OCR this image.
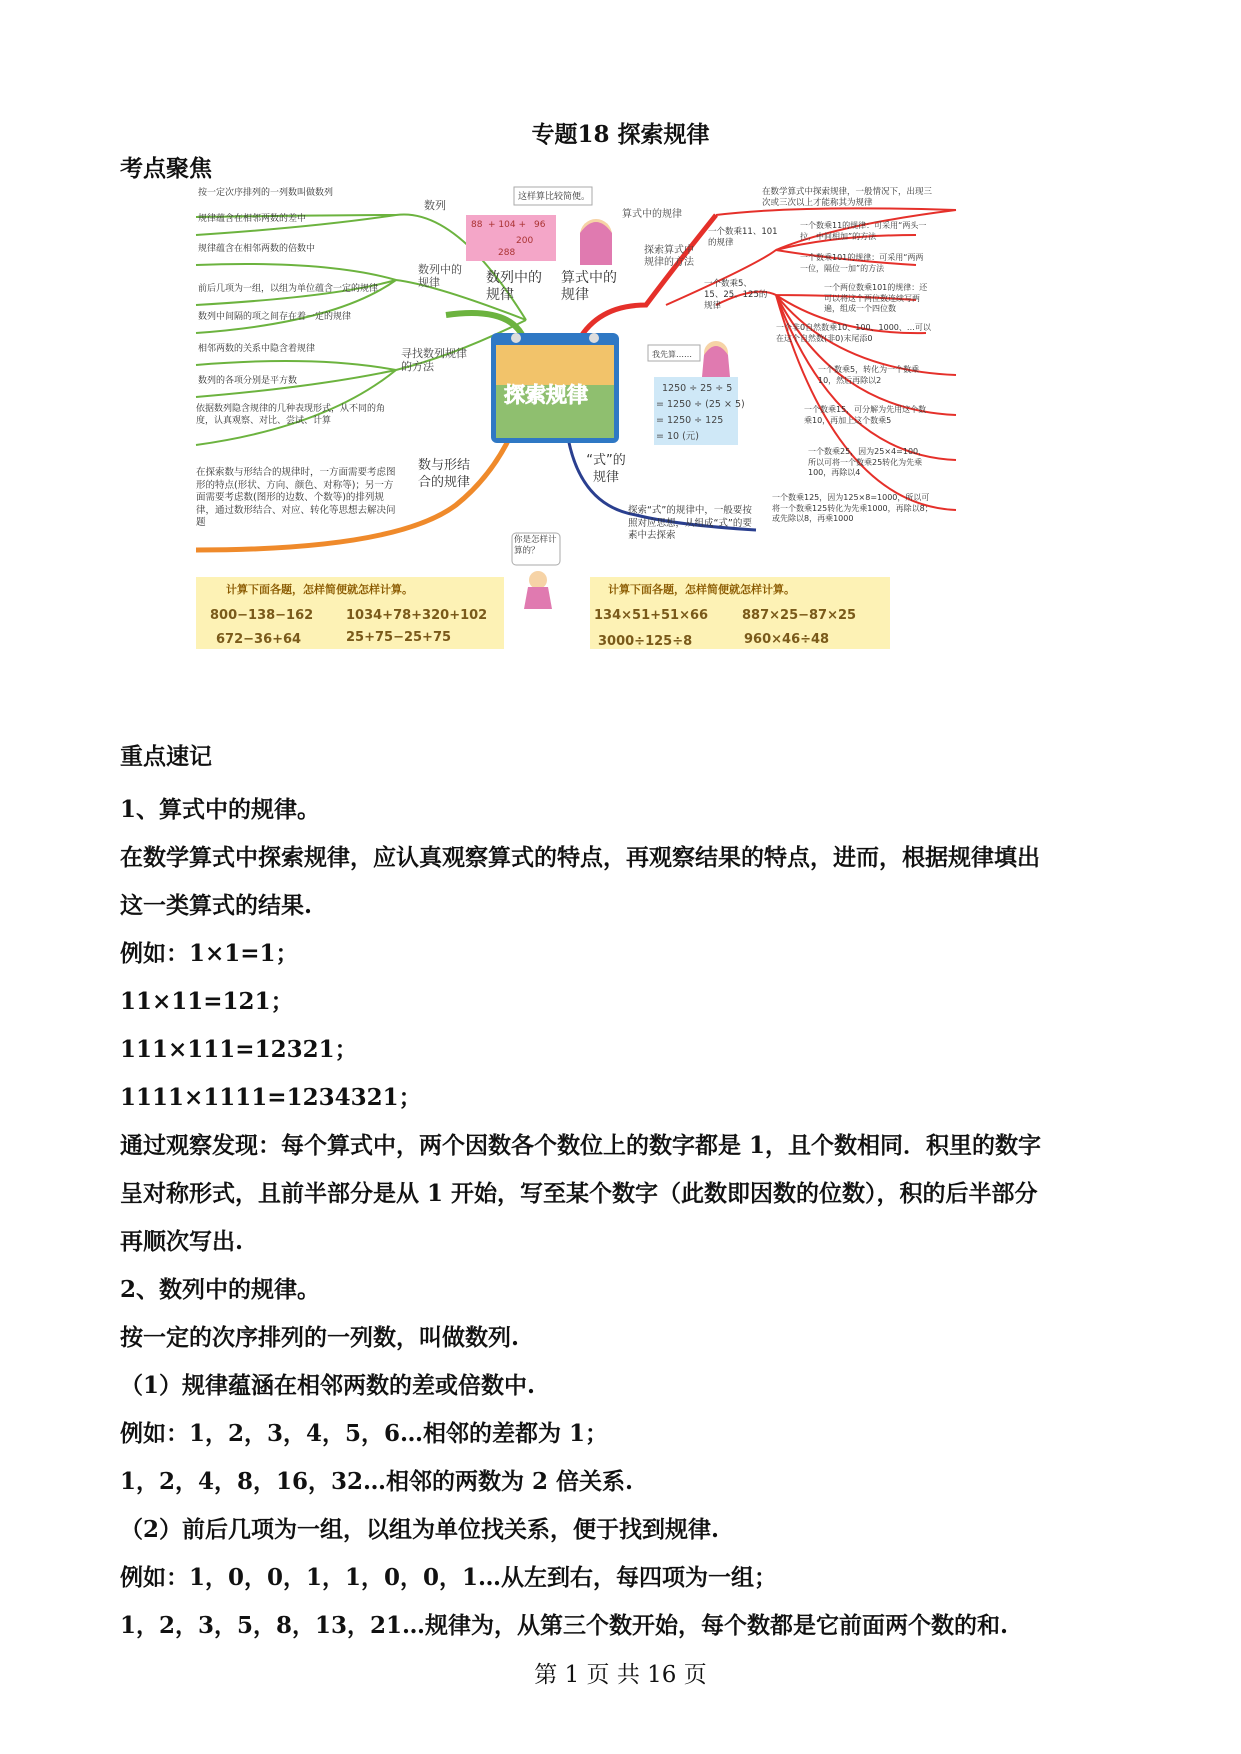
专题18 探索规律
考点聚焦
按一定次序排列的一列数叫做数列
规律蕴含在相邻两数的差中
规律蕴含在相邻两数的倍数中
前后几项为一组，以组为单位蕴含一定的规律
数列中间隔的项之间存在着一定的规律
相邻两数的关系中隐含着规律
数列的各项分别是平方数
依据数列隐含规律的几种表现形式，从不同的角度，认真观察、对比、尝试、计算
数列
数列中的规律
寻找数列规律的方法
数列中的规律
88 + 104 + 96
200
288
这样算比较简便。
算式中的规律
探索规律
数与形结合的规律
在探索数与形结合的规律时，一方面需要考虑图形的特点(形状、方向、颜色、对称等)；另一方面需要考虑数(图形的边数、个数等)的排列规律，通过数形结合、对应、转化等思想去解决问题
“式”的规律
探索“式”的规律中，一般要按照对应思想，从组成“式”的要素中去探索
算式中的规律
探索算式中规律的方法
在数学算式中探索规律，一般情况下，出现三次或三次以上才能称其为规律
一个数乘11、101的规律
一个数乘11的规律：可采用“两头一拉，中间相加”的方法
一个数乘101的规律：可采用“两两一位，隔位一加”的方法
一个数乘5、15、25、125的规律
一个两位数乘101的规律：还可以将这个两位数连续写两遍，组成一个四位数
一个非0自然数乘10、100、1000、…可以在这个自然数(非0)末尾添0
1250 ÷ 25 ÷ 5
= 1250 ÷ (25 × 5)
= 1250 ÷ 125
= 10 (元)
我先算……
一个数乘5，转化为一个数乘10，然后再除以2
一个数乘15，可分解为先用这个数乘10，再加上这个数乘5
一个数乘25，因为25×4=100，所以可将一个数乘25转化为先乘100，再除以4
一个数乘125，因为125×8=1000，所以可将一个数乘125转化为先乘1000，再除以8；或先除以8，再乘1000
你是怎样计算的？
计算下面各题，怎样简便就怎样计算。
800−138−162	1034+78+320+102
672−36+64	25+75−25+75
计算下面各题，怎样简便就怎样计算。
134×51+51×66	887×25−87×25
3000÷125÷8	960×46÷48
重点速记

1、算式中的规律。

在数学算式中探索规律，应认真观察算式的特点，再观察结果的特点，进而，根据规律填出

这一类算式的结果.

例如：1×1=1；

11×11=121；

111×111=12321；

1111×1111=1234321；

通过观察发现：每个算式中，两个因数各个数位上的数字都是 1，且个数相同．积里的数字

呈对称形式，且前半部分是从 1 开始，写至某个数字（此数即因数的位数），积的后半部分

再顺次写出.

2、数列中的规律。

按一定的次序排列的一列数，叫做数列.

（1）规律蕴涵在相邻两数的差或倍数中.

例如：1，2，3，4，5，6…相邻的差都为 1；

1，2，4，8，16，32…相邻的两数为 2 倍关系.

（2）前后几项为一组，以组为单位找关系，便于找到规律.

例如：1，0，0，1，1，0，0，1…从左到右，每四项为一组；

1，2，3，5，8，13，21…规律为，从第三个数开始，每个数都是它前面两个数的和.

第 1 页 共 16 页
